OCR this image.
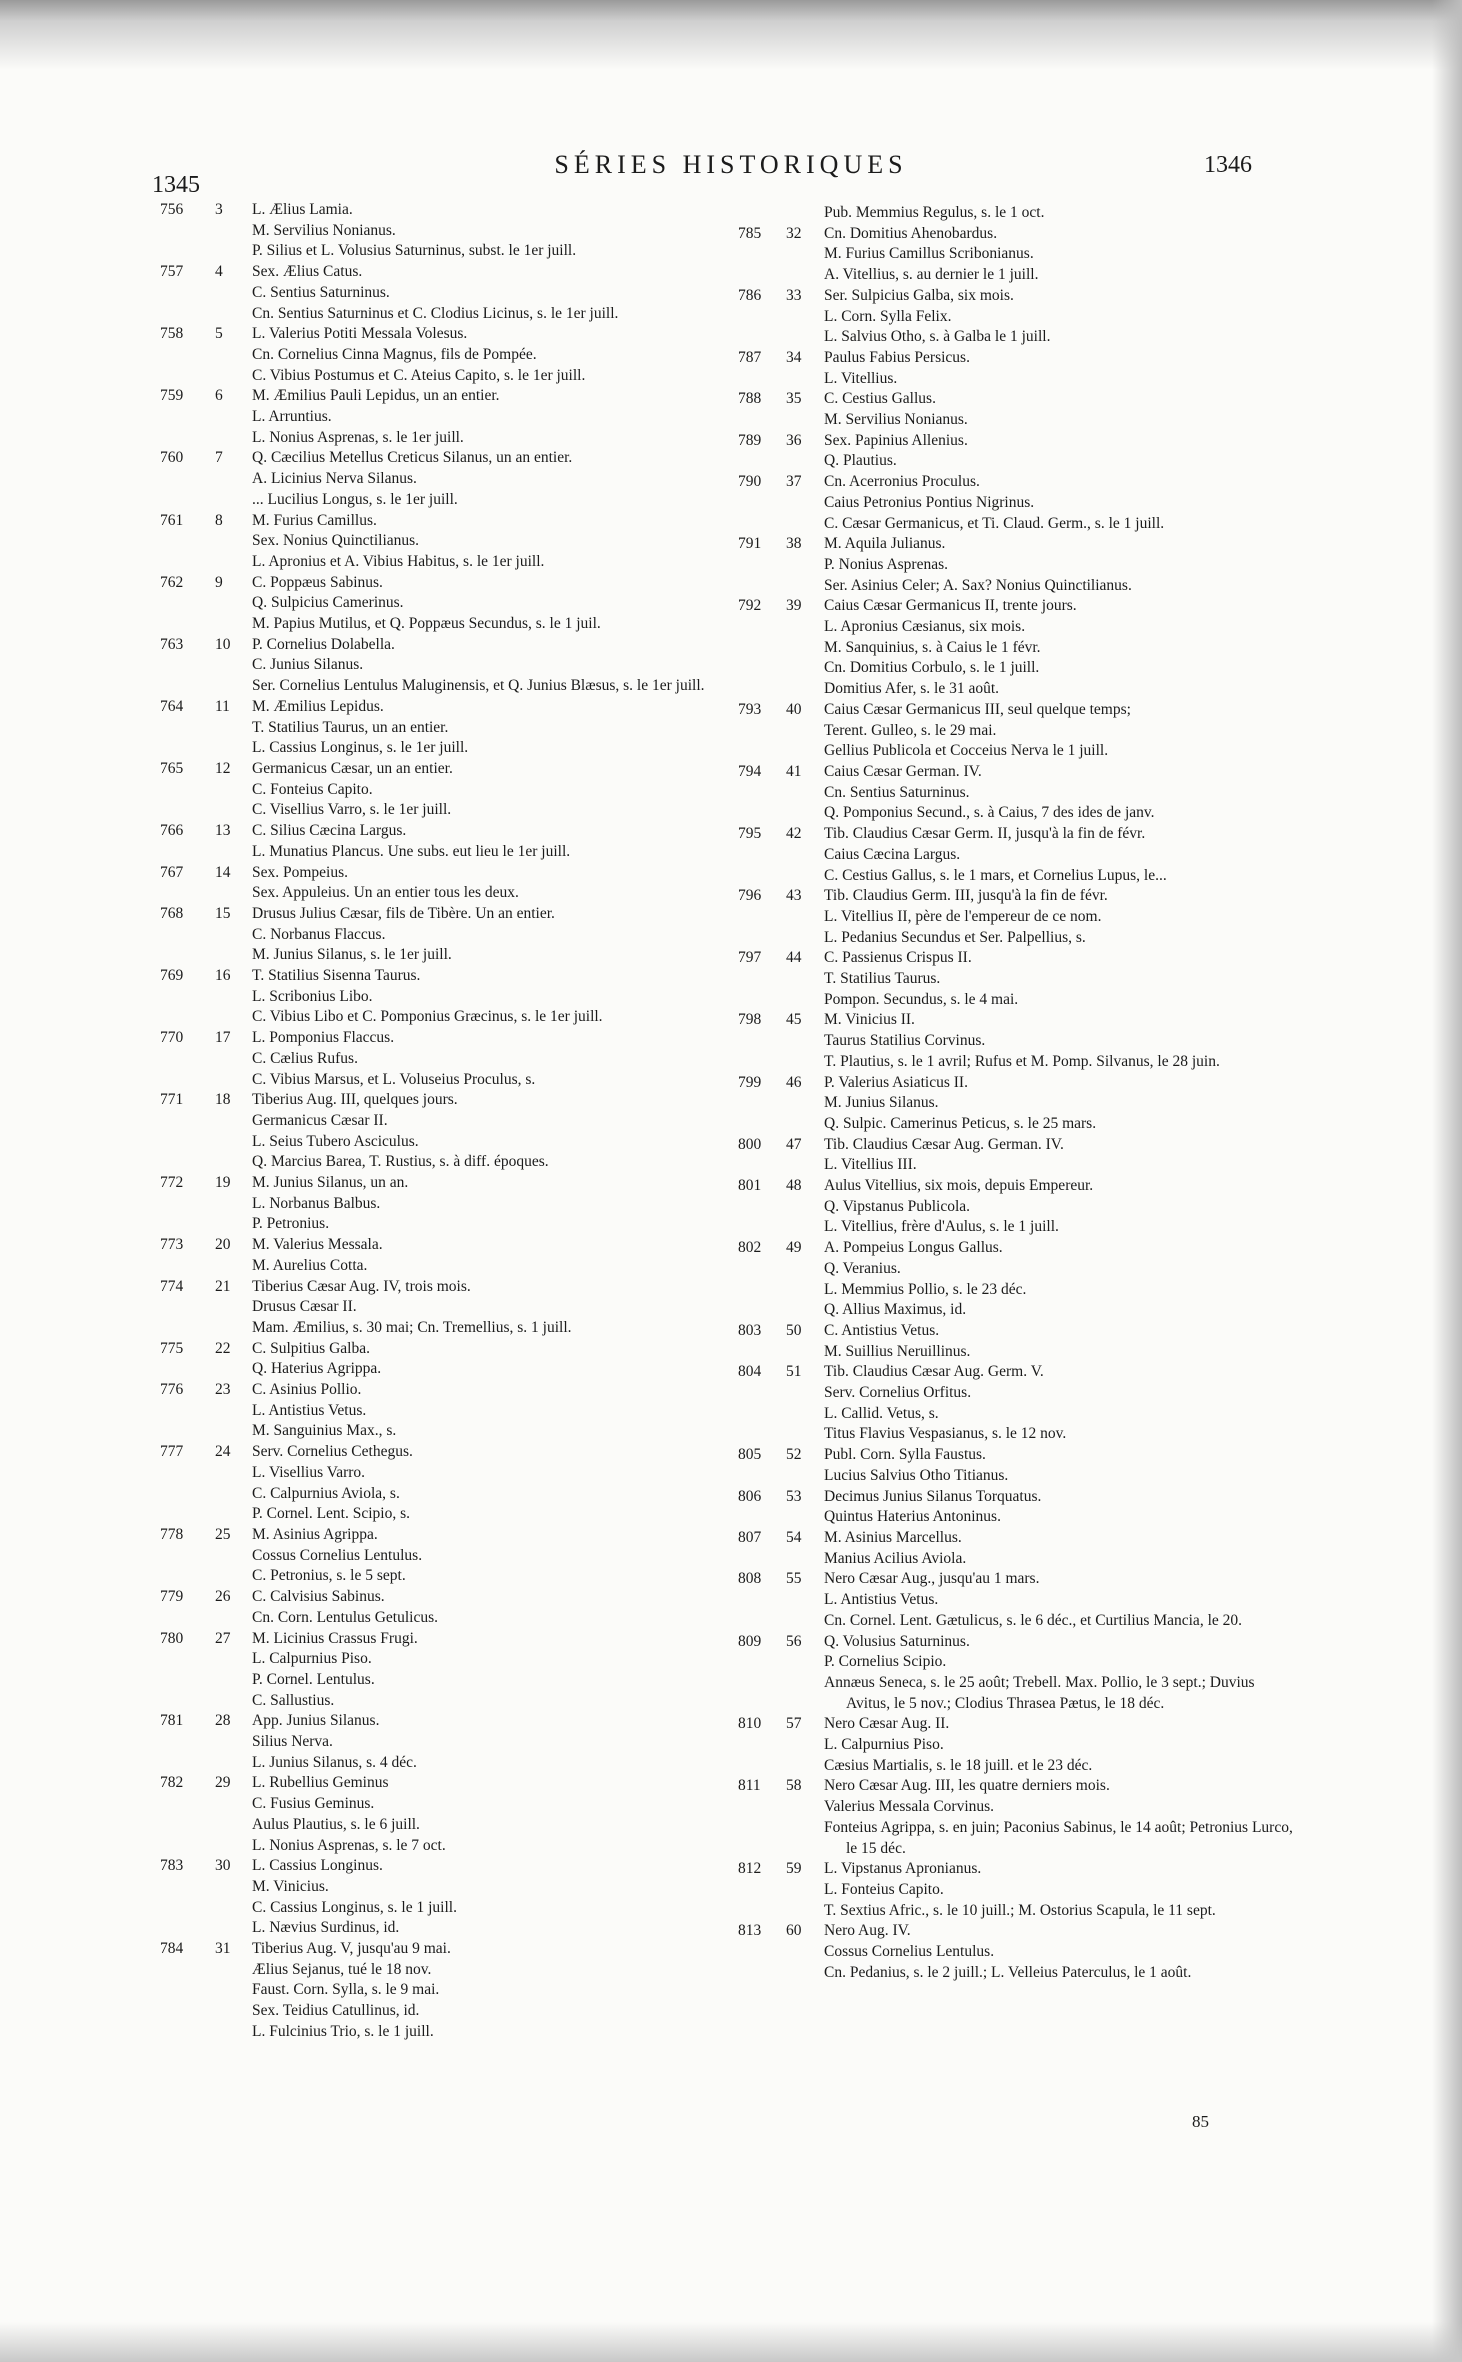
1345
SÉRIES HISTORIQUES	1346
756 3	L. Ælius Lamia.
M. Servilius Nonianus.
P. Silius et L. Volusius Saturninus, subst. le 1er juill.
757 4	Sex. Ælius Catus.
C. Sentius Saturninus.
Cn. Sentius Saturninus et C. Clodius Licinus, s. le 1er juill.
758 5	L. Valerius Potiti Messala Volesus.
Cn. Cornelius Cinna Magnus, fils de Pompée.
C. Vibius Postumus et C. Ateius Capito, s. le 1er juill.
759 6	M. Æmilius Pauli Lepidus, un an entier.
L. Arruntius.
L. Nonius Asprenas, s. le 1er juill.
760 7	Q. Cæcilius Metellus Creticus Silanus, un an entier.
A. Licinius Nerva Silanus.
... Lucilius Longus, s. le 1er juill.
761 8	M. Furius Camillus.
Sex. Nonius Quinctilianus.
L. Apronius et A. Vibius Habitus, s. le 1er juill.
762 9	C. Poppæus Sabinus.
Q. Sulpicius Camerinus.
M. Papius Mutilus, et Q. Poppæus Secundus, s. le 1 juil.
763 10	P. Cornelius Dolabella.
C. Junius Silanus.
Ser. Cornelius Lentulus Maluginensis, et Q. Junius Blæsus, s. le 1er juill.
764 11	M. Æmilius Lepidus.
T. Statilius Taurus, un an entier.
L. Cassius Longinus, s. le 1er juill.
765 12	Germanicus Cæsar, un an entier.
C. Fonteius Capito.
C. Visellius Varro, s. le 1er juill.
766 13	C. Silius Cæcina Largus.
L. Munatius Plancus. Une subs. eut lieu le 1er juill.
767 14	Sex. Pompeius.
Sex. Appuleius. Un an entier tous les deux.
768 15	Drusus Julius Cæsar, fils de Tibère. Un an entier.
C. Norbanus Flaccus.
M. Junius Silanus, s. le 1er juill.
769 16	T. Statilius Sisenna Taurus.
L. Scribonius Libo.
C. Vibius Libo et C. Pomponius Græcinus, s. le 1er juill.
770 17	L. Pomponius Flaccus.
C. Cælius Rufus.
C. Vibius Marsus, et L. Voluseius Proculus, s.
771 18	Tiberius Aug. III, quelques jours.
Germanicus Cæsar II.
L. Seius Tubero Asciculus.
Q. Marcius Barea, T. Rustius, s. à diff. époques.
772 19	M. Junius Silanus, un an.
L. Norbanus Balbus.
P. Petronius.
773 20	M. Valerius Messala.
M. Aurelius Cotta.
774 21	Tiberius Cæsar Aug. IV, trois mois.
Drusus Cæsar II.
Mam. Æmilius, s. 30 mai; Cn. Tremellius, s. 1 juill.
775 22	C. Sulpitius Galba.
Q. Haterius Agrippa.
776 23	C. Asinius Pollio.
L. Antistius Vetus.
M. Sanguinius Max., s.
777 24	Serv. Cornelius Cethegus.
L. Visellius Varro.
C. Calpurnius Aviola, s.
P. Cornel. Lent. Scipio, s.
778 25	M. Asinius Agrippa.
Cossus Cornelius Lentulus.
C. Petronius, s. le 5 sept.
779 26	C. Calvisius Sabinus.
Cn. Corn. Lentulus Getulicus.
780 27	M. Licinius Crassus Frugi.
L. Calpurnius Piso.
P. Cornel. Lentulus.
C. Sallustius.
781 28	App. Junius Silanus.
Silius Nerva.
L. Junius Silanus, s. 4 déc.
782 29	L. Rubellius Geminus
C. Fusius Geminus.
Aulus Plautius, s. le 6 juill.
L. Nonius Asprenas, s. le 7 oct.
783 30	L. Cassius Longinus.
M. Vinicius.
C. Cassius Longinus, s. le 1 juill.
L. Nævius Surdinus, id.
784 31	Tiberius Aug. V, jusqu'au 9 mai.
Ælius Sejanus, tué le 18 nov.
Faust. Corn. Sylla, s. le 9 mai.
Sex. Teidius Catullinus, id.
L. Fulcinius Trio, s. le 1 juill.
Pub. Memmius Regulus, s. le 1 oct.
785 32	Cn. Domitius Ahenobardus.
M. Furius Camillus Scribonianus.
A. Vitellius, s. au dernier le 1 juill.
786 33	Ser. Sulpicius Galba, six mois.
L. Corn. Sylla Felix.
L. Salvius Otho, s. à Galba le 1 juill.
787 34	Paulus Fabius Persicus.
L. Vitellius.
788 35	C. Cestius Gallus.
M. Servilius Nonianus.
789 36	Sex. Papinius Allenius.
Q. Plautius.
790 37	Cn. Acerronius Proculus.
Caius Petronius Pontius Nigrinus.
C. Cæsar Germanicus, et Ti. Claud. Germ., s. le 1 juill.
791 38	M. Aquila Julianus.
P. Nonius Asprenas.
Ser. Asinius Celer; A. Sax? Nonius Quinctilianus.
792 39	Caius Cæsar Germanicus II, trente jours.
L. Apronius Cæsianus, six mois.
M. Sanquinius, s. à Caius le 1 févr.
Cn. Domitius Corbulo, s. le 1 juill.
Domitius Afer, s. le 31 août.
793 40	Caius Cæsar Germanicus III, seul quelque temps;
Terent. Gulleo, s. le 29 mai.
Gellius Publicola et Cocceius Nerva le 1 juill.
794 41	Caius Cæsar German. IV.
Cn. Sentius Saturninus.
Q. Pomponius Secund., s. à Caius, 7 des ides de janv.
795 42	Tib. Claudius Cæsar Germ. II, jusqu'à la fin de févr.
Caius Cæcina Largus.
C. Cestius Gallus, s. le 1 mars, et Cornelius Lupus, le...
796 43	Tib. Claudius Germ. III, jusqu'à la fin de févr.
L. Vitellius II, père de l'empereur de ce nom.
L. Pedanius Secundus et Ser. Palpellius, s.
797 44	C. Passienus Crispus II.
T. Statilius Taurus.
Pompon. Secundus, s. le 4 mai.
798 45	M. Vinicius II.
Taurus Statilius Corvinus.
T. Plautius, s. le 1 avril; Rufus et M. Pomp. Silvanus, le 28 juin.
799 46	P. Valerius Asiaticus II.
M. Junius Silanus.
Q. Sulpic. Camerinus Peticus, s. le 25 mars.
800 47	Tib. Claudius Cæsar Aug. German. IV.
L. Vitellius III.
801 48	Aulus Vitellius, six mois, depuis Empereur.
Q. Vipstanus Publicola.
L. Vitellius, frère d'Aulus, s. le 1 juill.
802 49	A. Pompeius Longus Gallus.
Q. Veranius.
L. Memmius Pollio, s. le 23 déc.
Q. Allius Maximus, id.
803 50	C. Antistius Vetus.
M. Suillius Neruillinus.
804 51	Tib. Claudius Cæsar Aug. Germ. V.
Serv. Cornelius Orfitus.
L. Callid. Vetus, s.
Titus Flavius Vespasianus, s. le 12 nov.
805 52	Publ. Corn. Sylla Faustus.
Lucius Salvius Otho Titianus.
806 53	Decimus Junius Silanus Torquatus.
Quintus Haterius Antoninus.
807 54	M. Asinius Marcellus.
Manius Acilius Aviola.
808 55	Nero Cæsar Aug., jusqu'au 1 mars.
L. Antistius Vetus.
Cn. Cornel. Lent. Gætulicus, s. le 6 déc., et Curtilius Mancia, le 20.
809 56	Q. Volusius Saturninus.
P. Cornelius Scipio.
Annæus Seneca, s. le 25 août; Trebell. Max. Pollio, le 3 sept.; Duvius Avitus, le 5 nov.; Clodius Thrasea Pætus, le 18 déc.
810 57	Nero Cæsar Aug. II.
L. Calpurnius Piso.
Cæsius Martialis, s. le 18 juill. et le 23 déc.
811 58	Nero Cæsar Aug. III, les quatre derniers mois.
Valerius Messala Corvinus.
Fonteius Agrippa, s. en juin; Paconius Sabinus, le 14 août; Petronius Lurco, le 15 déc.
812 59	L. Vipstanus Apronianus.
L. Fonteius Capito.
T. Sextius Afric., s. le 10 juill.; M. Ostorius Scapula, le 11 sept.
813 60	Nero Aug. IV.
Cossus Cornelius Lentulus.
Cn. Pedanius, s. le 2 juill.; L. Velleius Paterculus, le 1 août.
85
